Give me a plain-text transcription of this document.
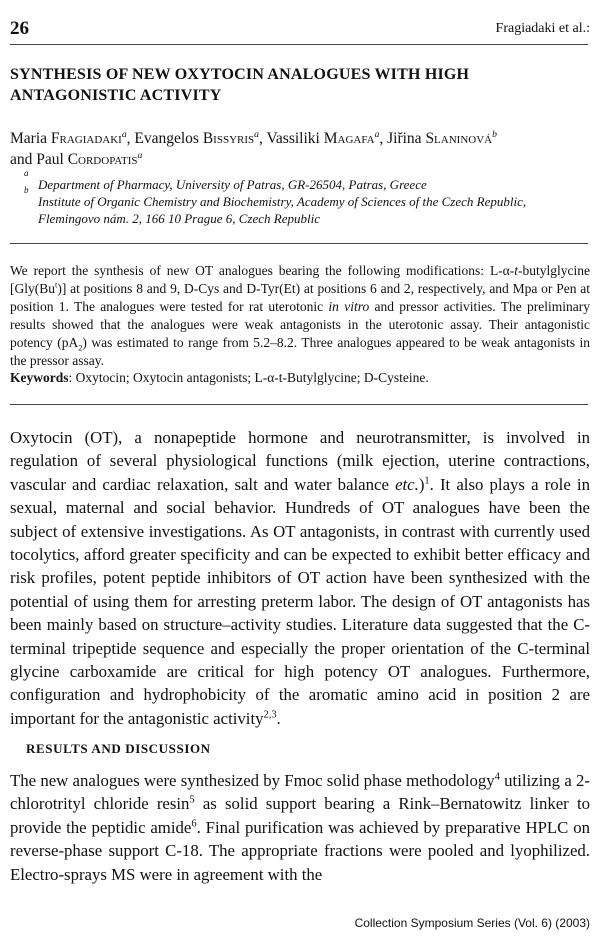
26	Fragiadaki et al.:
SYNTHESIS OF NEW OXYTOCIN ANALOGUES WITH HIGH
ANTAGONISTIC ACTIVITY
Maria Fragiadaki$^a$, Evangelos Bissyris$^a$, Vassiliki Magafa$^a$, Jiřina Slaninová$^b$
and Paul Cordopatis$^a$
a
Department of Pharmacy, University of Patras, GR-26504, Patras, Greece
b
Institute of Organic Chemistry and Biochemistry, Academy of Sciences of the Czech Republic,
Flemingovo nám. 2, 166 10 Prague 6, Czech Republic

We report the synthesis of new OT analogues bearing the following modifications: L-α-t-butylglycine [Gly(Bu$^t$)] at positions 8 and 9, D-Cys and D-Tyr(Et) at positions 6 and 2, respectively, and Mpa or Pen at position 1. The analogues were tested for rat uterotonic in vitro and pressor activities. The preliminary results showed that the analogues were weak antagonists in the uterotonic assay. Their antagonistic potency $(pA_2)$ was estimated to range from 5.2–8.2. Three analogues appeared to be weak antagonists in the pressor assay.

Keywords: Oxytocin; Oxytocin antagonists; L-α-t-Butylglycine; D-Cysteine.

Oxytocin (OT), a nonapeptide hormone and neurotransmitter, is involved in regulation of several physiological functions (milk ejection, uterine contractions, vascular and cardiac relaxation, salt and water balance etc.)$^1$. It also plays a role in sexual, maternal and social behavior. Hundreds of OT analogues have been the subject of extensive investigations. As OT antagonists, in contrast with currently used tocolytics, afford greater specificity and can be expected to exhibit better efficacy and risk profiles, potent peptide inhibitors of OT action have been synthesized with the potential of using them for arresting preterm labor. The design of OT antagonists has been mainly based on structure–activity studies. Literature data suggested that the C-terminal tripeptide sequence and especially the proper orientation of the C-terminal glycine carboxamide are critical for high potency OT analogues. Furthermore, configuration and hydrophobicity of the aromatic amino acid in position 2 are important for the antagonistic activity$^{2,3}$.

RESULTS AND DISCUSSION

The new analogues were synthesized by Fmoc solid phase methodology$^4$ utilizing a 2-chlorotrityl chloride resin$^5$ as solid support bearing a Rink–Bernatowitz linker to provide the peptidic amide$^6$. Final purification was achieved by preparative HPLC on reverse-phase support C-18. The appropriate fractions were pooled and lyophilized. Electro-sprays MS were in agreement with the

Collection Symposium Series (Vol. 6) (2003)
